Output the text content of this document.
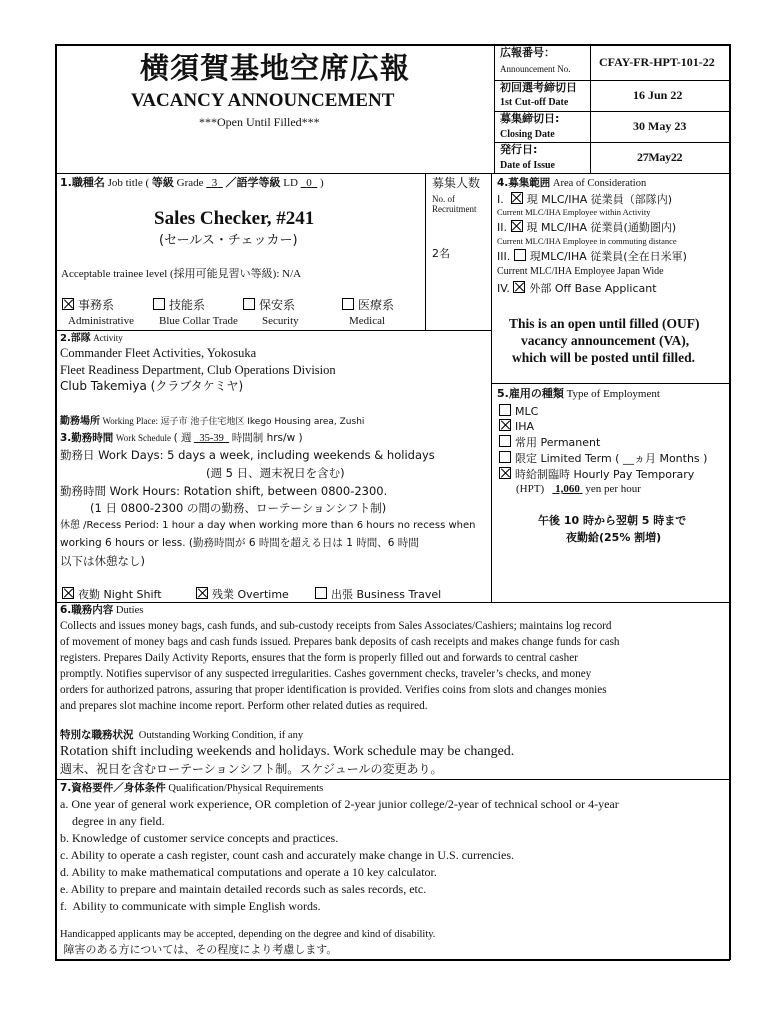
横須賀基地空席広報
VACANCY ANNOUNCEMENT
***Open Until Filled***
広報番号：
Announcement No. CFAY-FR-HPT-101-22
初回選考締切日
1st Cut-off Date
16 Jun 22
募集締切日:
Closing Date
30 May 23
発行日:
Date of Issue
27May22
1.職種名 Job title ( 等級 Grade 3 ／語学等級 LD 0 )
Sales Checker, #241
(セールス・チェッカー)
Acceptable trainee level (採用可能見習い等級): N/A
事務系
Administrative
技能系
Blue Collar Trade
保安系
Security
医療系
Medical
募集人数
No. of
Recruitment
2名
4.募集範囲 Area of Consideration
I. 現 MLC/IHA 従業員（部隊内)
Current MLC/IHA Employee within Activity
II. 現 MLC/IHA 従業員(通勤圏内)
Current MLC/IHA Employee in commuting distance
III. 現MLC/IHA 従業員(全在日米軍)
Current MLC/IHA Employee Japan Wide
IV. 外部 Off Base Applicant
This is an open until filled (OUF)
vacancy announcement (VA),
which will be posted until filled.
2.部隊 Activity
Commander Fleet Activities, Yokosuka
Fleet Readiness Department, Club Operations Division
Club Takemiya (クラブタケミヤ)
勤務場所 Working Place: 逗子市 池子住宅地区 Ikego Housing area, Zushi
3.勤務時間 Work Schedule ( 週 35-39 時間制 hrs/w )
勤務日 Work Days: 5 days a week, including weekends & holidays
(週 5 日、週末祝日を含む)
勤務時間 Work Hours: Rotation shift, between 0800-2300.
(1 日 0800-2300 の間の勤務、ローテーションシフト制)
休憩 /Recess Period: 1 hour a day when working more than 6 hours no recess when
working 6 hours or less. (勤務時間が 6 時間を超える日は 1 時間、6 時間
以下は休憩なし)
夜勤 Night Shift	残業 Overtime	出張 Business Travel
5.雇用の種類 Type of Employment
MLC
IHA
常用 Permanent
限定 Limited Term ( __ヵ月 Months )
時給制臨時 Hourly Pay Temporary
(HPT) 1,060 yen per hour
午後 10 時から翌朝 5 時まで
夜勤給(25% 割増)
6.職務内容 Duties
Collects and issues money bags, cash funds, and sub-custody receipts from Sales Associates/Cashiers; maintains log record
of movement of money bags and cash funds issued. Prepares bank deposits of cash receipts and makes change funds for cash
registers. Prepares Daily Activity Reports, ensures that the form is properly filled out and forwards to central casher
promptly. Notifies supervisor of any suspected irregularities. Cashes government checks, traveler’s checks, and money
orders for authorized patrons, assuring that proper identification is provided. Verifies coins from slots and changes monies
and prepares slot machine income report. Perform other related duties as required.
特別な職務状況 Outstanding Working Condition, if any
Rotation shift including weekends and holidays. Work schedule may be changed.
週末、祝日を含むローテーションシフト制。スケジュールの変更あり。
7.資格要件／身体条件 Qualification/Physical Requirements
a. One year of general work experience, OR completion of 2-year junior college/2-year of technical school or 4-year
degree in any field.
b. Knowledge of customer service concepts and practices.
c. Ability to operate a cash register, count cash and accurately make change in U.S. currencies.
d. Ability to make mathematical computations and operate a 10 key calculator.
e. Ability to prepare and maintain detailed records such as sales records, etc.
f.  Ability to communicate with simple English words.
Handicapped applicants may be accepted, depending on the degree and kind of disability.
障害のある方については、その程度により考慮します。
